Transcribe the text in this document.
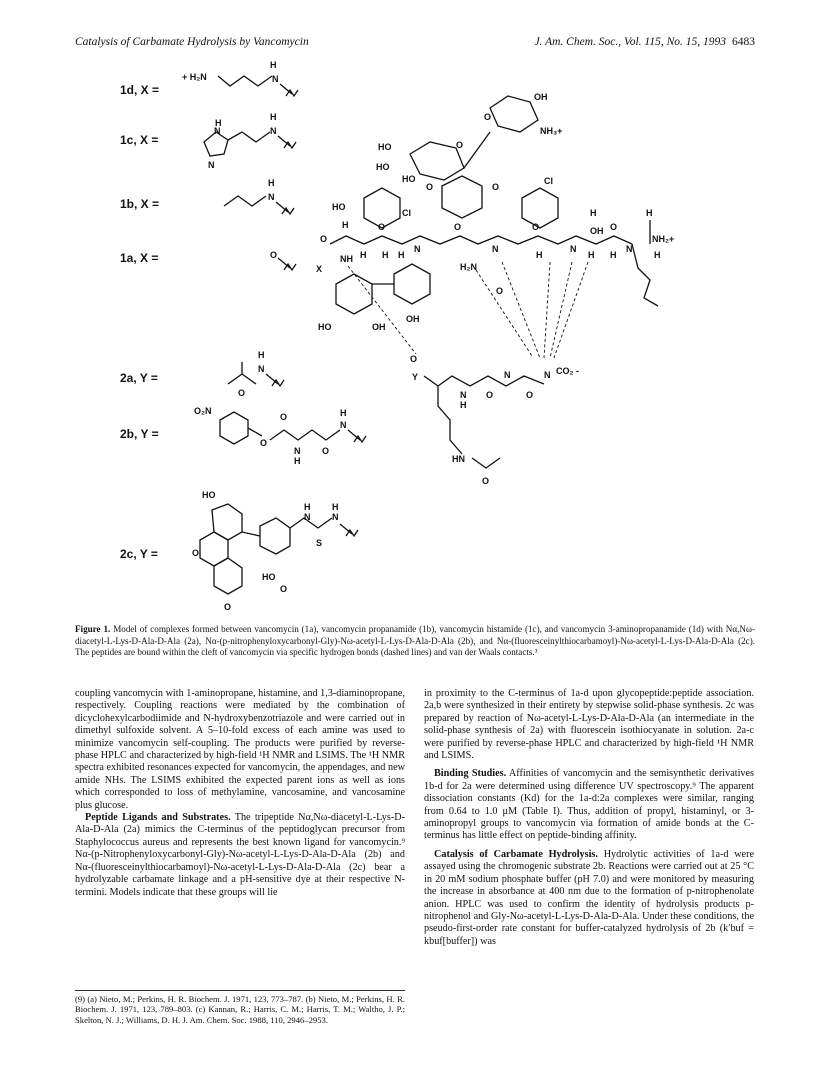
Catalysis of Carbamate Hydrolysis by Vancomycin	J. Am. Chem. Soc., Vol. 115, No. 15, 1993 6483
1d, X =
+ H₂N
H
N
1c, X =
H
N
N
H
N
1b, X =
H
N
1a, X =	O
2a, Y =
O
H
N
2b, Y =
O₂N
O
O
N
H
O
H
N
2c, Y =
HO
O
O
HO
O
H
N
S
H
N
OH
NH₃+
O
HO
HO
HO
O
Cl
O	O
Cl
HO
H
H
OH
O
O	O	O	O
N	N	N	N
H H H	H	H H
NH
H₂N
O
H
NH₂+
H
X
HO	OH
OH
O
Y
N
H
O
N
O
N CO₂ -
HN
O
Figure 1. Model of complexes formed between vancomycin (1a), vancomycin propanamide (1b), vancomycin histamide (1c), and vancomycin 3-aminopropanamide (1d) with Nα,Nω-diacetyl-L-Lys-D-Ala-D-Ala (2a), Nα-(p-nitrophenyloxycarbonyl-Gly)-Nω-acetyl-L-Lys-D-Ala-D-Ala (2b), and Nα-(fluoresceinylthiocarbamoyl)-Nω-acetyl-L-Lys-D-Ala-D-Ala (2c). The peptides are bound within the cleft of vancomycin via specific hydrogen bonds (dashed lines) and van der Waals contacts.³

coupling vancomycin with 1-aminopropane, histamine, and 1,3-diaminopropane, respectively. Coupling reactions were mediated by the combination of dicyclohexylcarbodiimide and N-hydroxybenzotriazole and were carried out in dimethyl sulfoxide solvent. A 5–10-fold excess of each amine was used to minimize vancomycin self-coupling. The products were purified by reverse-phase HPLC and characterized by high-field ¹H NMR and LSIMS. The ¹H NMR spectra exhibited resonances expected for vancomycin, the appendages, and new amide NHs. The LSIMS exhibited the expected parent ions as well as ions which corresponded to loss of methylamine, vancosamine, and vancosamine plus glucose.

Peptide Ligands and Substrates. The tripeptide Nα,Nω-diacetyl-L-Lys-D-Ala-D-Ala (2a) mimics the C-terminus of the peptidoglycan precursor from Staphylococcus aureus and represents the best known ligand for vancomycin.⁹ Nα-(p-Nitrophenyloxycarbonyl-Gly)-Nω-acetyl-L-Lys-D-Ala-D-Ala (2b) and Nα-(fluoresceinylthiocarbamoyl)-Nω-acetyl-L-Lys-D-Ala-D-Ala (2c) bear a hydrolyzable carbamate linkage and a pH-sensitive dye at their respective N-termini. Models indicate that these groups will lie

in proximity to the C-terminus of 1a-d upon glycopeptide:peptide association. 2a,b were synthesized in their entirety by stepwise solid-phase synthesis. 2c was prepared by reaction of Nω-acetyl-L-Lys-D-Ala-D-Ala (an intermediate in the solid-phase synthesis of 2a) with fluorescein isothiocyanate in solution. 2a-c were purified by reverse-phase HPLC and characterized by high-field ¹H NMR and LSIMS.

Binding Studies. Affinities of vancomycin and the semisynthetic derivatives 1b-d for 2a were determined using difference UV spectroscopy.⁹ The apparent dissociation constants (Kd) for the 1a-d:2a complexes were similar, ranging from 0.64 to 1.0 μM (Table I). Thus, addition of propyl, histaminyl, or 3-aminopropyl groups to vancomycin via formation of amide bonds at the C-terminus has little effect on peptide-binding affinity.

Catalysis of Carbamate Hydrolysis. Hydrolytic activities of 1a-d were assayed using the chromogenic substrate 2b. Reactions were carried out at 25 °C in 20 mM sodium phosphate buffer (pH 7.0) and were monitored by measuring the increase in absorbance at 400 nm due to the formation of p-nitrophenolate anion. HPLC was used to confirm the identity of hydrolysis products p-nitrophenol and Gly-Nω-acetyl-L-Lys-D-Ala-D-Ala. Under these conditions, the pseudo-first-order rate constant for buffer-catalyzed hydrolysis of 2b (k′buf = kbuf[buffer]) was

(9) (a) Nieto, M.; Perkins, H. R. Biochem. J. 1971, 123, 773–787. (b) Nieto, M.; Perkins, H. R. Biochem. J. 1971, 123, 789–803. (c) Kannan, R.; Harris, C. M.; Harris, T. M.; Waltho, J. P.; Skelton, N. J.; Williams, D. H. J. Am. Chem. Soc. 1988, 110, 2946–2953.
